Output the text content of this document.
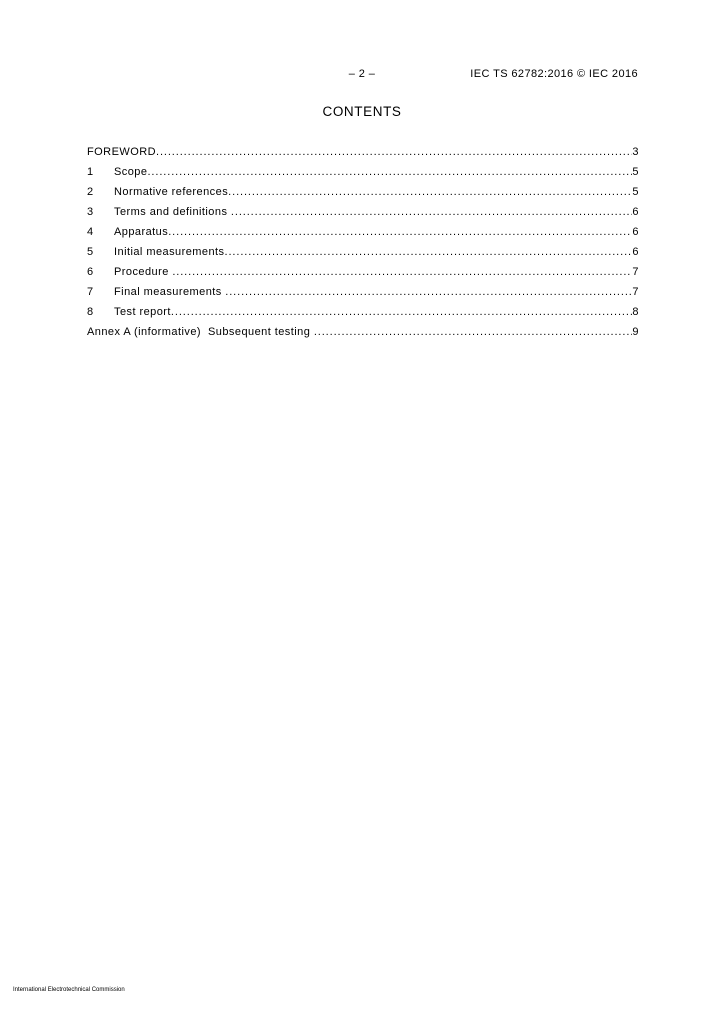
– 2 –	IEC TS 62782:2016 © IEC 2016
CONTENTS
FOREWORD .....	3
1	Scope .....	5
2	Normative references .....	5
3	Terms and definitions .....	6
4	Apparatus .....	6
5	Initial measurements .....	6
6	Procedure .....	7
7	Final measurements .....	7
8	Test report .....	8
Annex A (informative)  Subsequent testing .....	9
International Electrotechnical Commission
